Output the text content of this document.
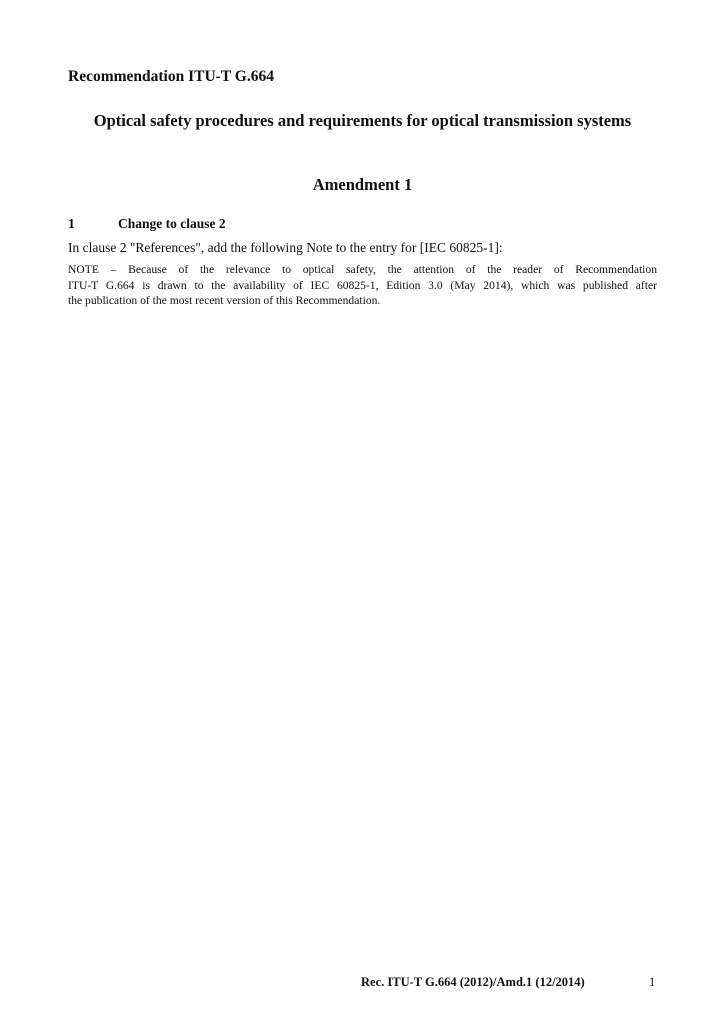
Recommendation ITU-T G.664
Optical safety procedures and requirements for optical transmission systems
Amendment 1
1	Change to clause 2
In clause 2 "References", add the following Note to the entry for [IEC 60825-1]:
NOTE – Because of the relevance to optical safety, the attention of the reader of Recommendation
ITU-T G.664 is drawn to the availability of IEC 60825-1, Edition 3.0 (May 2014), which was published after
the publication of the most recent version of this Recommendation.
Rec. ITU-T G.664 (2012)/Amd.1 (12/2014)	1
